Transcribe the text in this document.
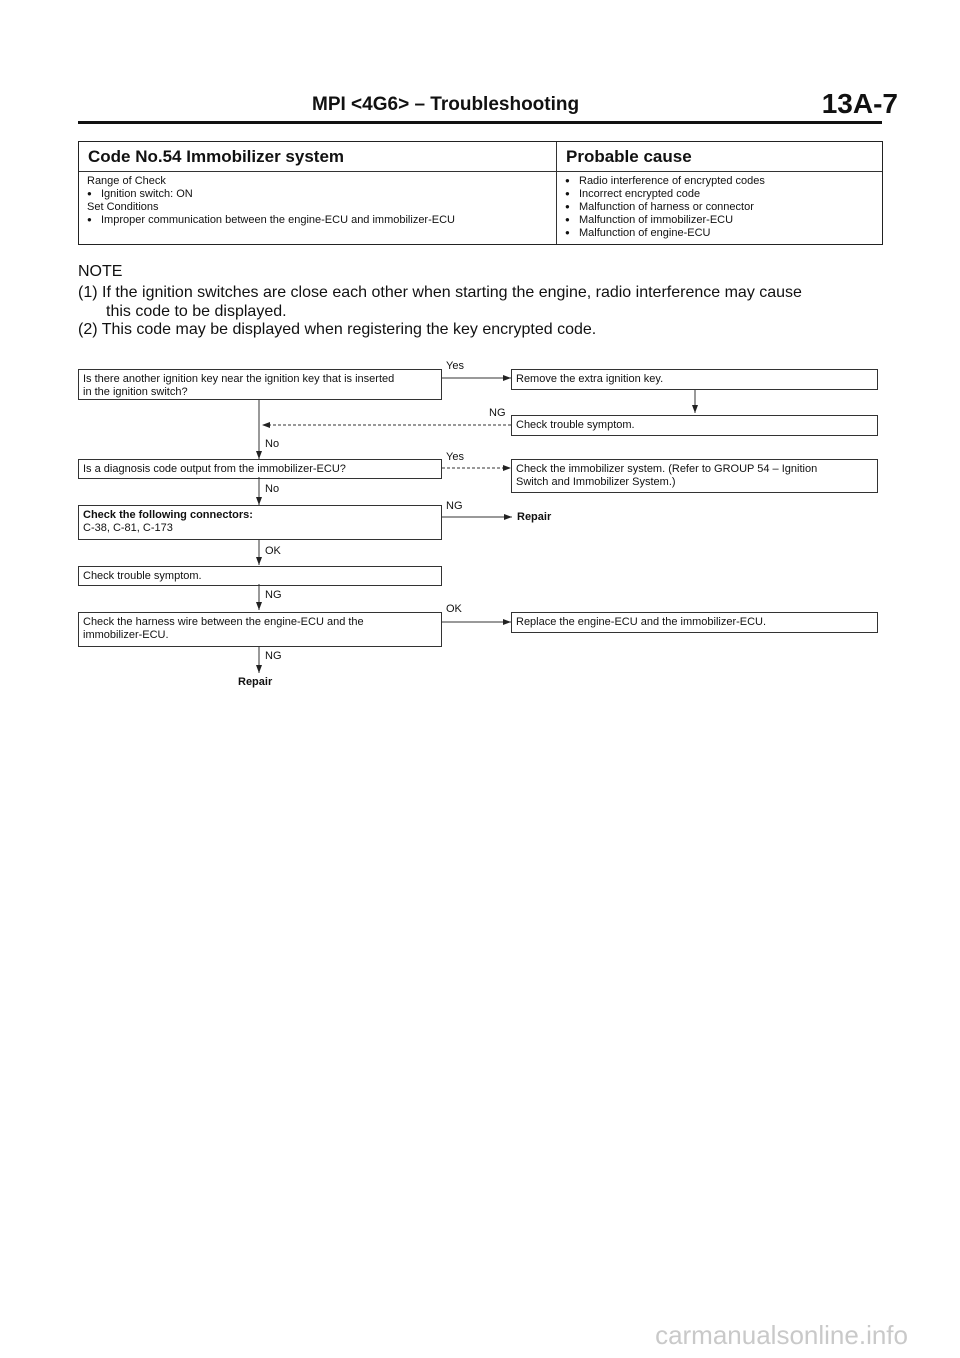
MPI <4G6> – Troubleshooting	13A-7
Code No.54 Immobilizer system	Probable cause
Range of Check
● Ignition switch: ON
Set Conditions
● Improper communication between the engine-ECU and immobilizer-ECU
● Radio interference of encrypted codes
● Incorrect encrypted code
● Malfunction of harness or connector
● Malfunction of immobilizer-ECU
● Malfunction of engine-ECU
NOTE
(1) If the ignition switches are close each other when starting the engine, radio interference may cause
this code to be displayed.
(2) This code may be displayed when registering the key encrypted code.
Is there another ignition key near the ignition key that is inserted
in the ignition switch?
Yes
Remove the extra ignition key.
NG
Check trouble symptom.
No
Is a diagnosis code output from the immobilizer-ECU?
Yes
Check the immobilizer system. (Refer to GROUP 54 – Ignition
Switch and Immobilizer System.)
No
Check the following connectors:
C-38, C-81, C-173
NG
Repair
OK
Check trouble symptom.
NG
Check the harness wire between the engine-ECU and the
immobilizer-ECU.
OK
Replace the engine-ECU and the immobilizer-ECU.
NG
Repair
carmanualsonline.info
